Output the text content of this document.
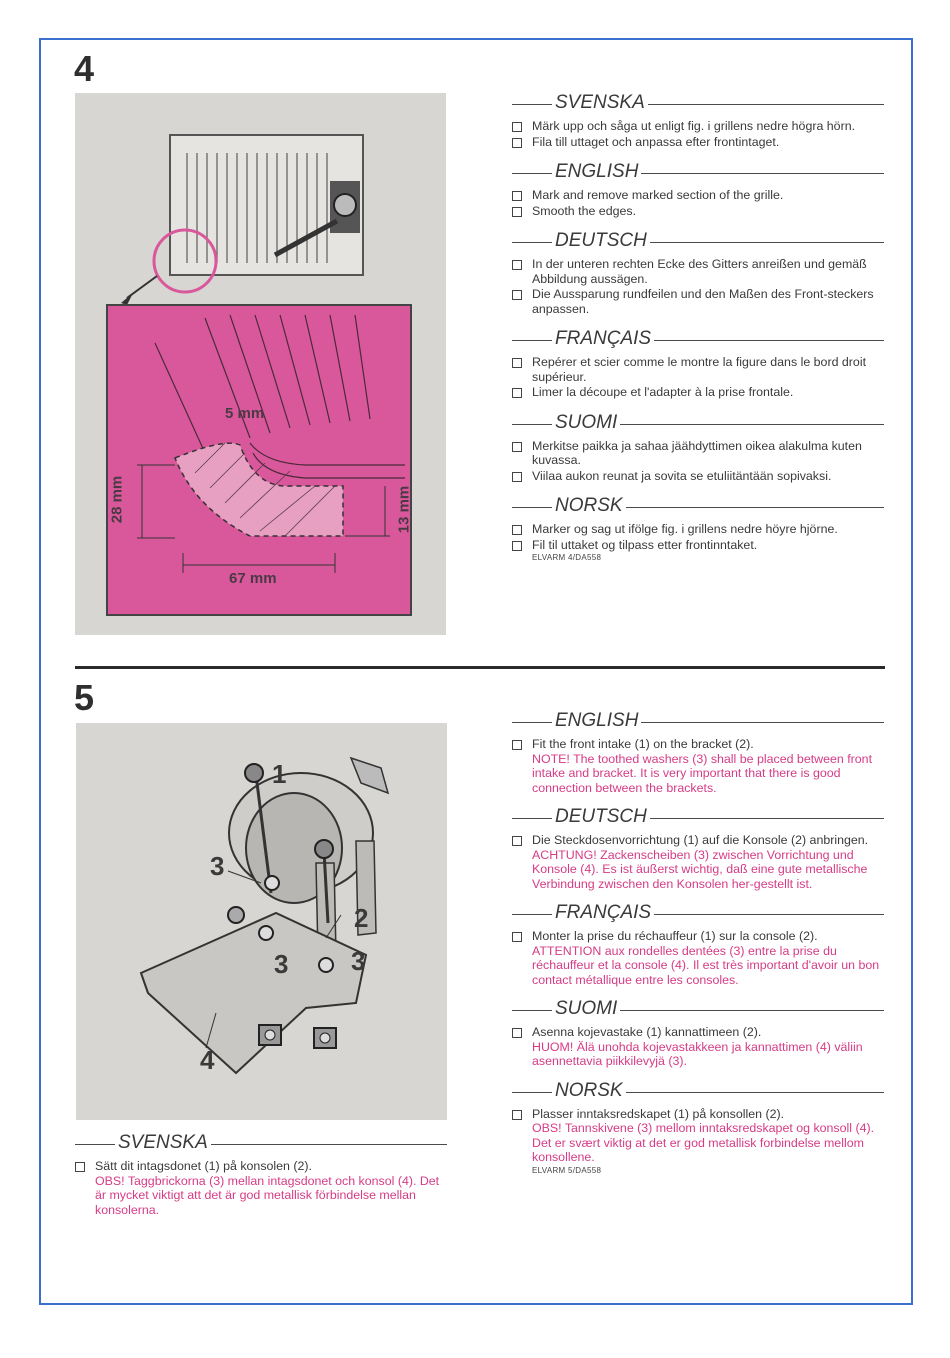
4
5 mm
28 mm	13 mm
67 mm
SVENSKA
Märk upp och såga ut enligt fig. i grillens nedre högra hörn.
Fila till uttaget och anpassa efter frontintaget.
ENGLISH
Mark and remove marked section of the grille.
Smooth the edges.
DEUTSCH
In der unteren rechten Ecke des Gitters anreißen und gemäß Abbildung aussägen.
Die Aussparung rundfeilen und den Maßen des Front-steckers anpassen.
FRANÇAIS
Repérer et scier comme le montre la figure dans le bord droit supérieur.
Limer la découpe et l'adapter à la prise frontale.
SUOMI
Merkitse paikka ja sahaa jäähdyttimen oikea alakulma kuten kuvassa.
Viilaa aukon reunat ja sovita se etuliitäntään sopivaksi.
NORSK
Marker og sag ut ifölge fig. i grillens nedre höyre hjörne.
Fil til uttaket og tilpass etter frontinntaket.
ELVARM 4/DA558
5
1
3
2
3 3
4
SVENSKA
Sätt dit intagsdonet (1) på konsolen (2).
OBS! Taggbrickorna (3) mellan intagsdonet och konsol (4). Det är mycket viktigt att det är god metallisk förbindelse mellan konsolerna.
ENGLISH
Fit the front intake (1) on the bracket (2).
NOTE! The toothed washers (3) shall be placed between front intake and bracket. It is very important that there is good connection between the brackets.
DEUTSCH
Die Steckdosenvorrichtung (1) auf die Konsole (2) anbringen.
ACHTUNG! Zackenscheiben (3) zwischen Vorrichtung und Konsole (4). Es ist äußerst wichtig, daß eine gute metallische Verbindung zwischen den Konsolen her-gestellt ist.
FRANÇAIS
Monter la prise du réchauffeur (1) sur la console (2).
ATTENTION aux rondelles dentées (3) entre la prise du réchauffeur et la console (4). Il est très important d'avoir un bon contact métallique entre les consoles.
SUOMI
Asenna kojevastake (1) kannattimeen (2).
HUOM! Älä unohda kojevastakkeen ja kannattimen (4) väliin asennettavia piikkilevyjä (3).
NORSK
Plasser inntaksredskapet (1) på konsollen (2).
OBS! Tannskivene (3) mellom inntaksredskapet og konsoll (4). Det er svært viktig at det er god metallisk forbindelse mellom konsollene.
ELVARM 5/DA558
